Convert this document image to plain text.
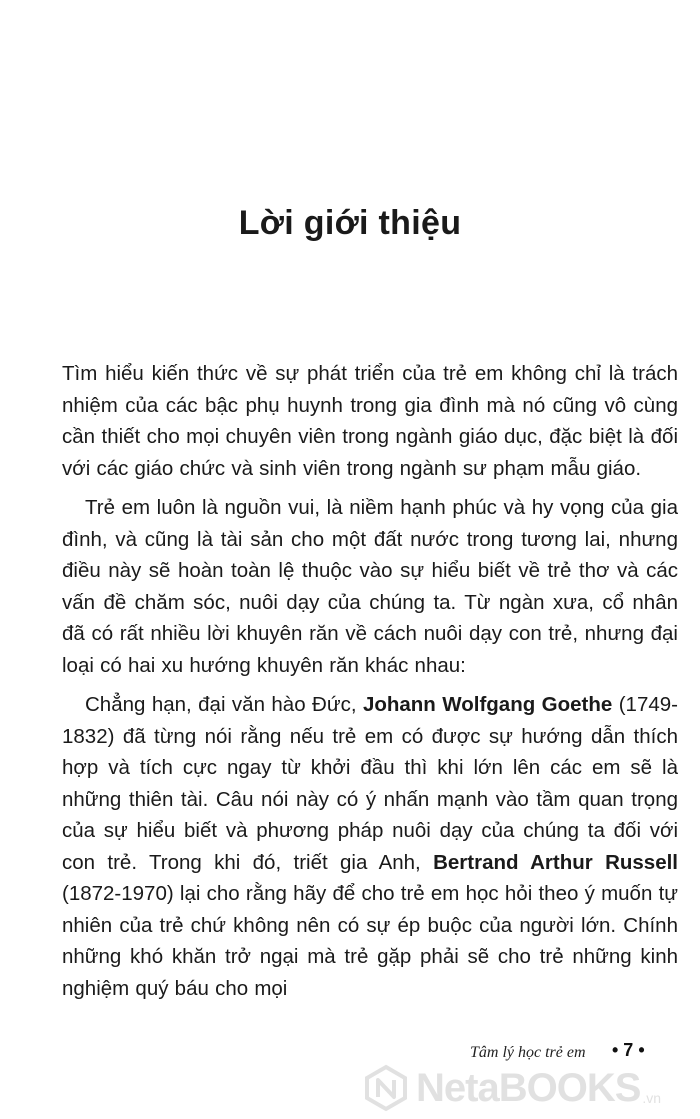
Lời giới thiệu

Tìm hiểu kiến thức về sự phát triển của trẻ em không chỉ là trách nhiệm của các bậc phụ huynh trong gia đình mà nó cũng vô cùng cần thiết cho mọi chuyên viên trong ngành giáo dục, đặc biệt là đối với các giáo chức và sinh viên trong ngành sư phạm mẫu giáo.

Trẻ em luôn là nguồn vui, là niềm hạnh phúc và hy vọng của gia đình, và cũng là tài sản cho một đất nước trong tương lai, nhưng điều này sẽ hoàn toàn lệ thuộc vào sự hiểu biết về trẻ thơ và các vấn đề chăm sóc, nuôi dạy của chúng ta. Từ ngàn xưa, cổ nhân đã có rất nhiều lời khuyên răn về cách nuôi dạy con trẻ, nhưng đại loại có hai xu hướng khuyên răn khác nhau:

Chẳng hạn, đại văn hào Đức, Johann Wolfgang Goethe (1749-1832) đã từng nói rằng nếu trẻ em có được sự hướng dẫn thích hợp và tích cực ngay từ khởi đầu thì khi lớn lên các em sẽ là những thiên tài. Câu nói này có ý nhấn mạnh vào tầm quan trọng của sự hiểu biết và phương pháp nuôi dạy của chúng ta đối với con trẻ. Trong khi đó, triết gia Anh, Bertrand Arthur Russell (1872-1970) lại cho rằng hãy để cho trẻ em học hỏi theo ý muốn tự nhiên của trẻ chứ không nên có sự ép buộc của người lớn. Chính những khó khăn trở ngại mà trẻ gặp phải sẽ cho trẻ những kinh nghiệm quý báu cho mọi

Tâm lý học trẻ em • 7 •
NetaBOOKS .vn
